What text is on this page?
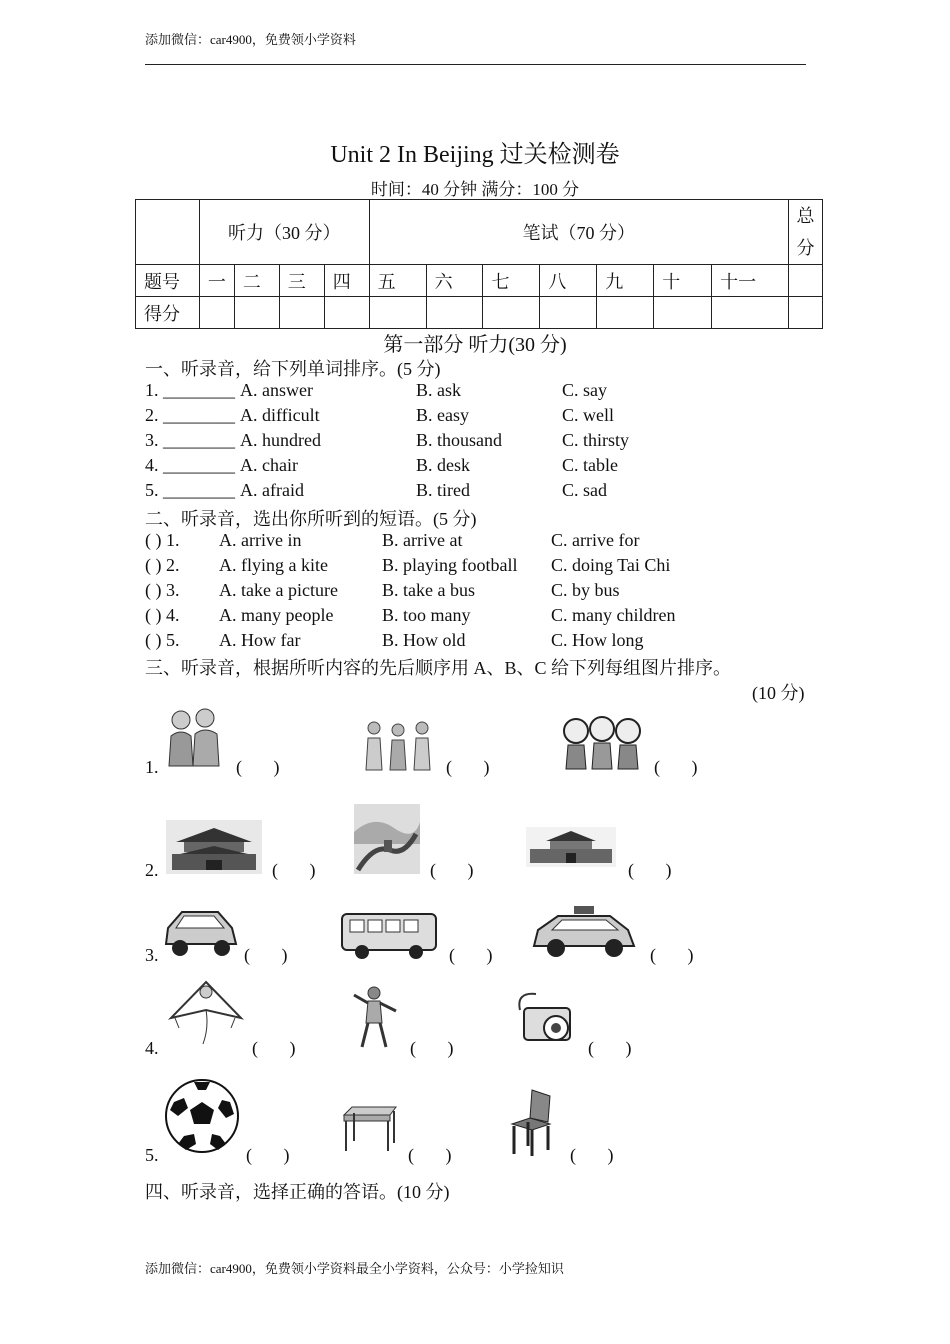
添加微信：car4900，免费领小学资料
Unit 2 In Beijing 过关检测卷
时间：40 分钟 满分：100 分
	听力（30 分）				笔试（70 分）							总分
题号	一	二	三	四	五	六	七	八	九	十	十一	
得分												
第一部分 听力(30 分)
一、听录音，给下列单词排序。(5 分)
1. ________ A. answer	B. ask	C. say
2. ________ A. difficult	B. easy	C. well
3. ________ A. hundred	B. thousand	C. thirsty
4. ________ A. chair	B. desk	C. table
5. ________ A. afraid	B. tired	C. sad
二、听录音，选出你所听到的短语。(5 分)
( ) 1. A. arrive in	B. arrive at	C. arrive for
( ) 2. A. flying a kite	B. playing football C. doing Tai Chi
( ) 3. A. take a picture B. take a bus	C. by bus
( ) 4. A. many people	B. too many	C. many children
( ) 5. A. How far	B. How old	C. How long
三、听录音，根据所听内容的先后顺序用 A、B、C 给下列每组图片排序。
(10 分)
1.	(       )	(       )	(       )
2.	(       )	(       )	(       )
3.	(       )	(       )	(       )
4.	(       )	(       )	(       )
5.	(       )	(       )	(       )
四、听录音，选择正确的答语。(10 分)
添加微信：car4900，免费领小学资料最全小学资料，公众号：小学捡知识
